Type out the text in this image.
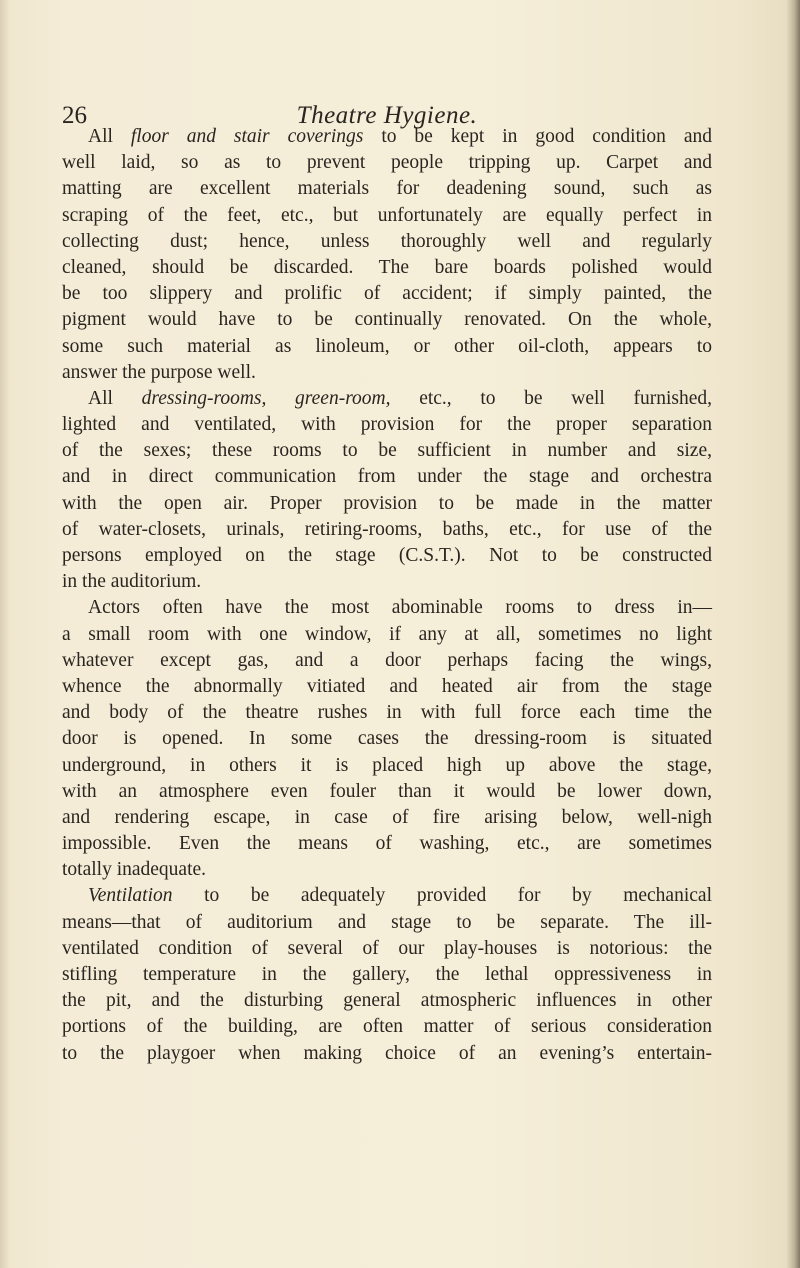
26	Theatre Hygiene.
All floor and stair coverings to be kept in good condition and
well laid, so as to prevent people tripping up. Carpet and
matting are excellent materials for deadening sound, such as
scraping of the feet, etc., but unfortunately are equally perfect in
collecting dust; hence, unless thoroughly well and regularly
cleaned, should be discarded. The bare boards polished would
be too slippery and prolific of accident; if simply painted, the
pigment would have to be continually renovated. On the whole,
some such material as linoleum, or other oil-cloth, appears to
answer the purpose well.
All dressing-rooms, green-room, etc., to be well furnished,
lighted and ventilated, with provision for the proper separation
of the sexes; these rooms to be sufficient in number and size,
and in direct communication from under the stage and orchestra
with the open air. Proper provision to be made in the matter
of water-closets, urinals, retiring-rooms, baths, etc., for use of the
persons employed on the stage (C.S.T.). Not to be constructed
in the auditorium.
Actors often have the most abominable rooms to dress in—
a small room with one window, if any at all, sometimes no light
whatever except gas, and a door perhaps facing the wings,
whence the abnormally vitiated and heated air from the stage
and body of the theatre rushes in with full force each time the
door is opened. In some cases the dressing-room is situated
underground, in others it is placed high up above the stage,
with an atmosphere even fouler than it would be lower down,
and rendering escape, in case of fire arising below, well-nigh
impossible. Even the means of washing, etc., are sometimes
totally inadequate.
Ventilation to be adequately provided for by mechanical
means—that of auditorium and stage to be separate. The ill-
ventilated condition of several of our play-houses is notorious: the
stifling temperature in the gallery, the lethal oppressiveness in
the pit, and the disturbing general atmospheric influences in other
portions of the building, are often matter of serious consideration
to the playgoer when making choice of an evening’s entertain-
